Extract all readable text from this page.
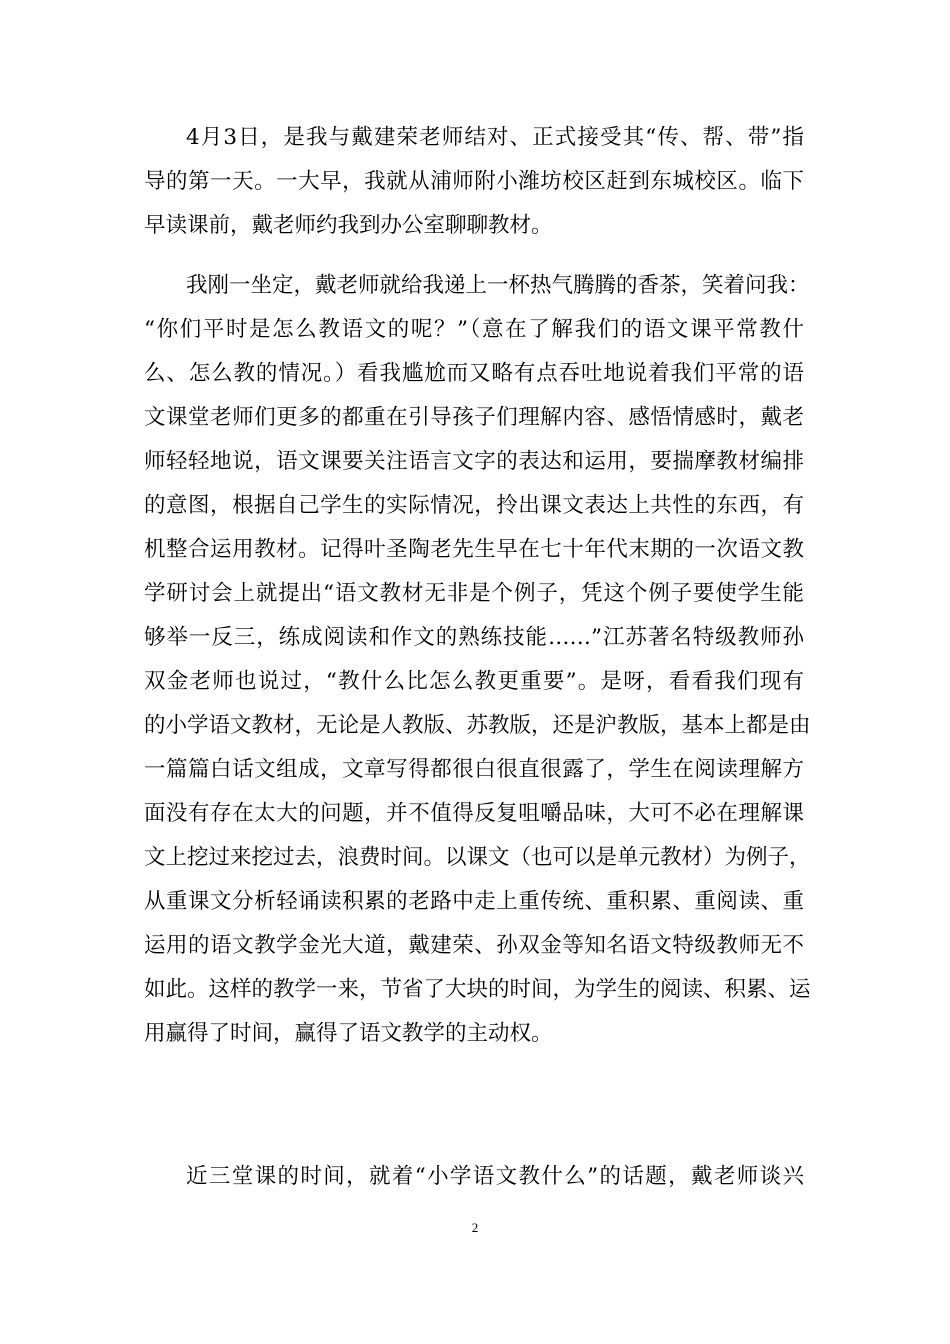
4月3日，是我与戴建荣老师结对、正式接受其“传、帮、带”指
导的第一天。一大早，我就从浦师附小潍坊校区赶到东城校区。临下
早读课前，戴老师约我到办公室聊聊教材。
我刚一坐定，戴老师就给我递上一杯热气腾腾的香茶，笑着问我：
“你们平时是怎么教语文的呢？”（意在了解我们的语文课平常教什
么、怎么教的情况。）看我尴尬而又略有点吞吐地说着我们平常的语
文课堂老师们更多的都重在引导孩子们理解内容、感悟情感时，戴老
师轻轻地说，语文课要关注语言文字的表达和运用，要揣摩教材编排
的意图，根据自己学生的实际情况，拎出课文表达上共性的东西，有
机整合运用教材。记得叶圣陶老先生早在七十年代末期的一次语文教
学研讨会上就提出“语文教材无非是个例子，凭这个例子要使学生能
够举一反三，练成阅读和作文的熟练技能……”江苏著名特级教师孙
双金老师也说过，“教什么比怎么教更重要”。是呀，看看我们现有
的小学语文教材，无论是人教版、苏教版，还是沪教版，基本上都是由
一篇篇白话文组成，文章写得都很白很直很露了，学生在阅读理解方
面没有存在太大的问题，并不值得反复咀嚼品味，大可不必在理解课
文上挖过来挖过去，浪费时间。以课文（也可以是单元教材）为例子，
从重课文分析轻诵读积累的老路中走上重传统、重积累、重阅读、重
运用的语文教学金光大道，戴建荣、孙双金等知名语文特级教师无不
如此。这样的教学一来，节省了大块的时间，为学生的阅读、积累、运
用赢得了时间，赢得了语文教学的主动权。
近三堂课的时间，就着“小学语文教什么”的话题，戴老师谈兴
2
